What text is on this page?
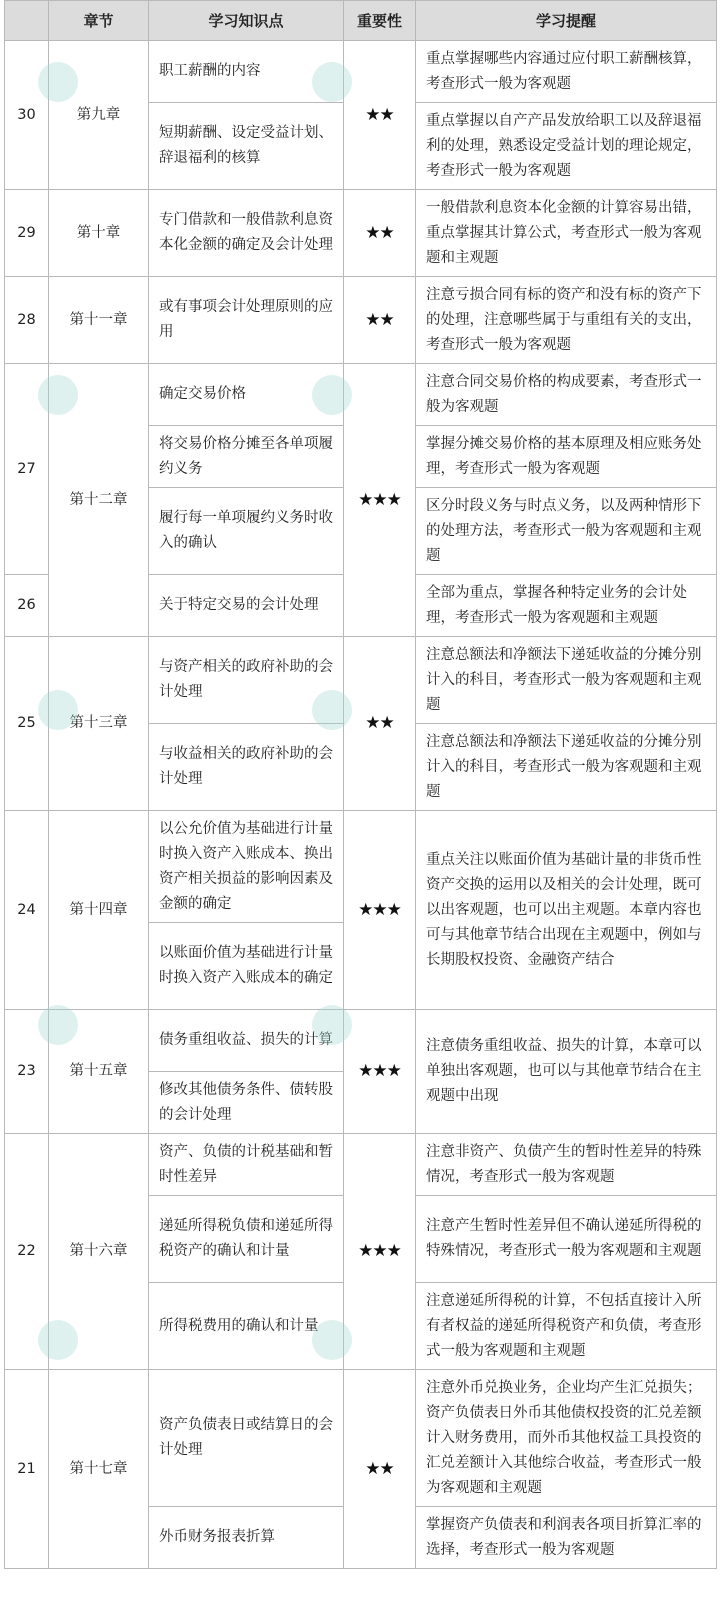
	章节	学习知识点	重要性	学习提醒
30	第九章	职工薪酬的内容	★★	重点掌握哪些内容通过应付职工薪酬核算，考查形式一般为客观题
		短期薪酬、设定受益计划、辞退福利的核算		重点掌握以自产产品发放给职工以及辞退福利的处理，熟悉设定受益计划的理论规定，考查形式一般为客观题
29	第十章	专门借款和一般借款利息资本化金额的确定及会计处理	★★	一般借款利息资本化金额的计算容易出错，重点掌握其计算公式，考查形式一般为客观题和主观题
28	第十一章	或有事项会计处理原则的应用	★★	注意亏损合同有标的资产和没有标的资产下的处理，注意哪些属于与重组有关的支出，考查形式一般为客观题
27	第十二章	确定交易价格	★★★	注意合同交易价格的构成要素，考查形式一般为客观题
		将交易价格分摊至各单项履约义务		掌握分摊交易价格的基本原理及相应账务处理，考查形式一般为客观题
		履行每一单项履约义务时收入的确认		区分时段义务与时点义务，以及两种情形下的处理方法，考查形式一般为客观题和主观题
26		关于特定交易的会计处理		全部为重点，掌握各种特定业务的会计处理，考查形式一般为客观题和主观题
25	第十三章	与资产相关的政府补助的会计处理	★★	注意总额法和净额法下递延收益的分摊分别计入的科目，考查形式一般为客观题和主观题
		与收益相关的政府补助的会计处理		注意总额法和净额法下递延收益的分摊分别计入的科目，考查形式一般为客观题和主观题
24	第十四章	以公允价值为基础进行计量时换入资产入账成本、换出资产相关损益的影响因素及金额的确定	★★★	重点关注以账面价值为基础计量的非货币性资产交换的运用以及相关的会计处理，既可以出客观题，也可以出主观题。本章内容也可与其他章节结合出现在主观题中，例如与长期股权投资、金融资产结合
		以账面价值为基础进行计量时换入资产入账成本的确定		
23	第十五章	债务重组收益、损失的计算	★★★	注意债务重组收益、损失的计算，本章可以单独出客观题，也可以与其他章节结合在主观题中出现
		修改其他债务条件、债转股的会计处理		
22	第十六章	资产、负债的计税基础和暂时性差异	★★★	注意非资产、负债产生的暂时性差异的特殊情况，考查形式一般为客观题
		递延所得税负债和递延所得税资产的确认和计量		注意产生暂时性差异但不确认递延所得税的特殊情况，考查形式一般为客观题和主观题
		所得税费用的确认和计量		注意递延所得税的计算，不包括直接计入所有者权益的递延所得税资产和负债，考查形式一般为客观题和主观题
21	第十七章	资产负债表日或结算日的会计处理	★★	注意外币兑换业务，企业均产生汇兑损失；资产负债表日外币其他债权投资的汇兑差额计入财务费用，而外币其他权益工具投资的汇兑差额计入其他综合收益，考查形式一般为客观题和主观题
		外币财务报表折算		掌握资产负债表和利润表各项目折算汇率的选择，考查形式一般为客观题
